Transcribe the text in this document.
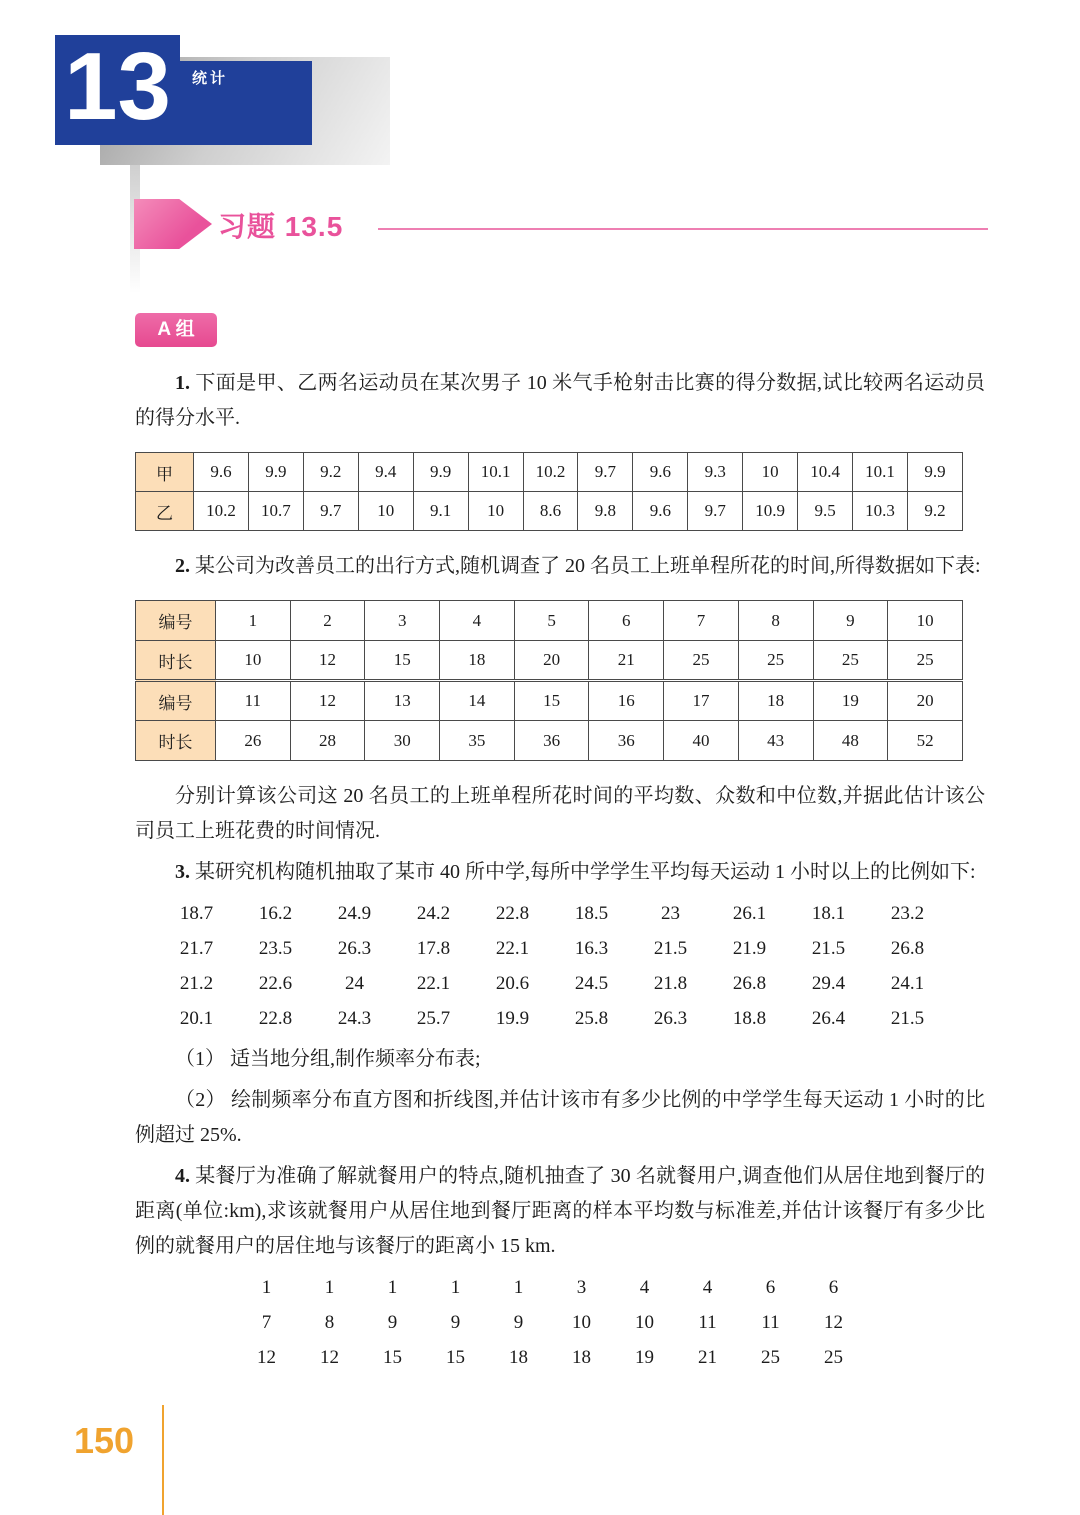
13	统计
习题 13.5
A 组

1. 下面是甲、乙两名运动员在某次男子 10 米气手枪射击比赛的得分数据,试比较两名运动员的得分水平.

甲	9.6	9.9	9.2	9.4	9.9	10.1	10.2	9.7	9.6	9.3	10	10.4	10.1	9.9
乙	10.2	10.7	9.7	10	9.1	10	8.6	9.8	9.6	9.7	10.9	9.5	10.3	9.2

2. 某公司为改善员工的出行方式,随机调查了 20 名员工上班单程所花的时间,所得数据如下表:

编号	1	2	3	4	5	6	7	8	9	10
时长	10	12	15	18	20	21	25	25	25	25
编号	11	12	13	14	15	16	17	18	19	20
时长	26	28	30	35	36	36	40	43	48	52

分别计算该公司这 20 名员工的上班单程所花时间的平均数、众数和中位数,并据此估计该公司员工上班花费的时间情况.

3. 某研究机构随机抽取了某市 40 所中学,每所中学学生平均每天运动 1 小时以上的比例如下:

18.7	16.2	24.9	24.2	22.8	18.5	23	26.1	18.1	23.2
21.7	23.5	26.3	17.8	22.1	16.3	21.5	21.9	21.5	26.8
21.2	22.6	24	22.1	20.6	24.5	21.8	26.8	29.4	24.1
20.1	22.8	24.3	25.7	19.9	25.8	26.3	18.8	26.4	21.5

（1） 适当地分组,制作频率分布表;

（2） 绘制频率分布直方图和折线图,并估计该市有多少比例的中学学生每天运动 1 小时的比例超过 25%.

4. 某餐厅为准确了解就餐用户的特点,随机抽查了 30 名就餐用户,调查他们从居住地到餐厅的距离(单位:km),求该就餐用户从居住地到餐厅距离的样本平均数与标准差,并估计该餐厅有多少比例的就餐用户的居住地与该餐厅的距离小 15 km.

1	1	1	1	1	3	4	4	6	6
7	8	9	9	9	10	10	11	11	12
12	12	15	15	18	18	19	21	25	25
150
